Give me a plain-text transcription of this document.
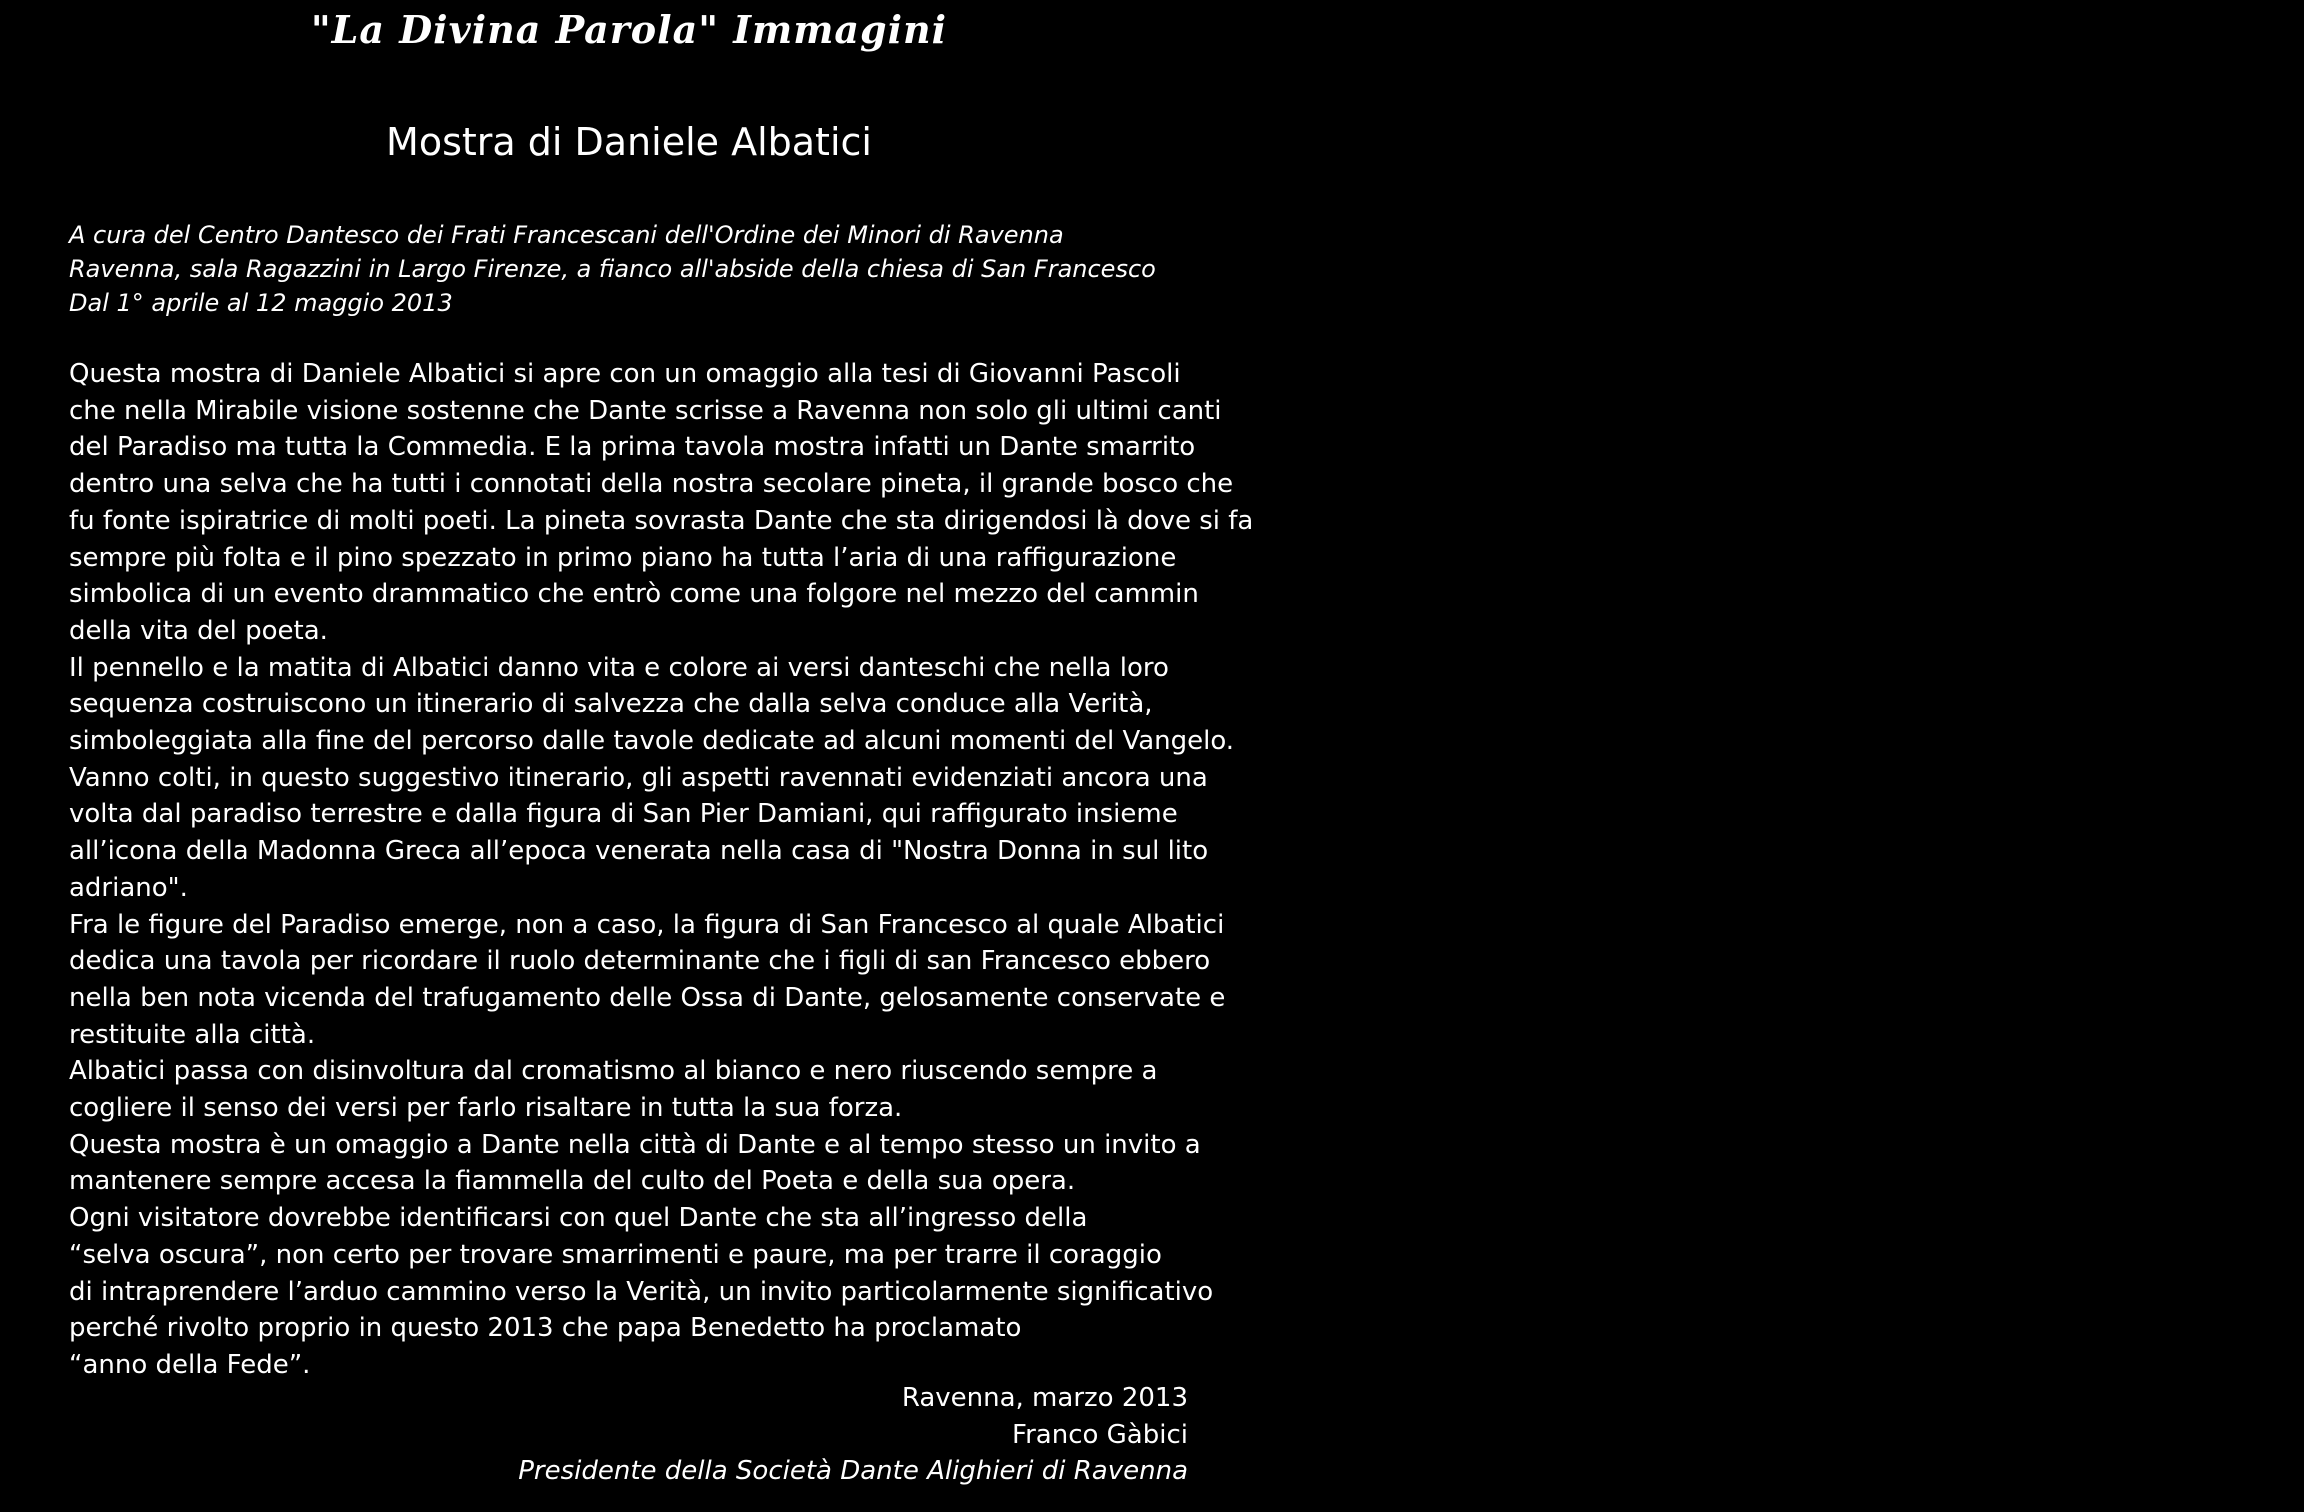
"La Divina Parola" Immagini
Mostra di Daniele Albatici
A cura del Centro Dantesco dei Frati Francescani dell'Ordine dei Minori di Ravenna
Ravenna, sala Ragazzini in Largo Firenze, a fianco all'abside della chiesa di San Francesco
Dal 1° aprile al 12 maggio 2013
Questa mostra di Daniele Albatici si apre con un omaggio alla tesi di Giovanni Pascoli
che nella Mirabile visione sostenne che Dante scrisse a Ravenna non solo gli ultimi canti
del Paradiso ma tutta la Commedia. E la prima tavola mostra infatti un Dante smarrito
dentro una selva che ha tutti i connotati della nostra secolare pineta, il grande bosco che
fu fonte ispiratrice di molti poeti. La pineta sovrasta Dante che sta dirigendosi là dove si fa
sempre più folta e il pino spezzato in primo piano ha tutta l’aria di una raffigurazione
simbolica di un evento drammatico che entrò come una folgore nel mezzo del cammin
della vita del poeta.
Il pennello e la matita di Albatici danno vita e colore ai versi danteschi che nella loro
sequenza costruiscono un itinerario di salvezza che dalla selva conduce alla Verità,
simboleggiata alla fine del percorso dalle tavole dedicate ad alcuni momenti del Vangelo.
Vanno colti, in questo suggestivo itinerario, gli aspetti ravennati evidenziati ancora una
volta dal paradiso terrestre e dalla figura di San Pier Damiani, qui raffigurato insieme
all’icona della Madonna Greca all’epoca venerata nella casa di "Nostra Donna in sul lito
adriano".
Fra le figure del Paradiso emerge, non a caso, la figura di San Francesco al quale Albatici
dedica una tavola per ricordare il ruolo determinante che i figli di san Francesco ebbero
nella ben nota vicenda del trafugamento delle Ossa di Dante, gelosamente conservate e
restituite alla città.
Albatici passa con disinvoltura dal cromatismo al bianco e nero riuscendo sempre a
cogliere il senso dei versi per farlo risaltare in tutta la sua forza.
Questa mostra è un omaggio a Dante nella città di Dante e al tempo stesso un invito a
mantenere sempre accesa la fiammella del culto del Poeta e della sua opera.
Ogni visitatore dovrebbe identificarsi con quel Dante che sta all’ingresso della
“selva oscura”, non certo per trovare smarrimenti e paure, ma per trarre il coraggio
di intraprendere l’arduo cammino verso la Verità, un invito particolarmente significativo
perché rivolto proprio in questo 2013 che papa Benedetto ha proclamato
“anno della Fede”.
Ravenna, marzo 2013
Franco Gàbici
Presidente della Società Dante Alighieri di Ravenna
